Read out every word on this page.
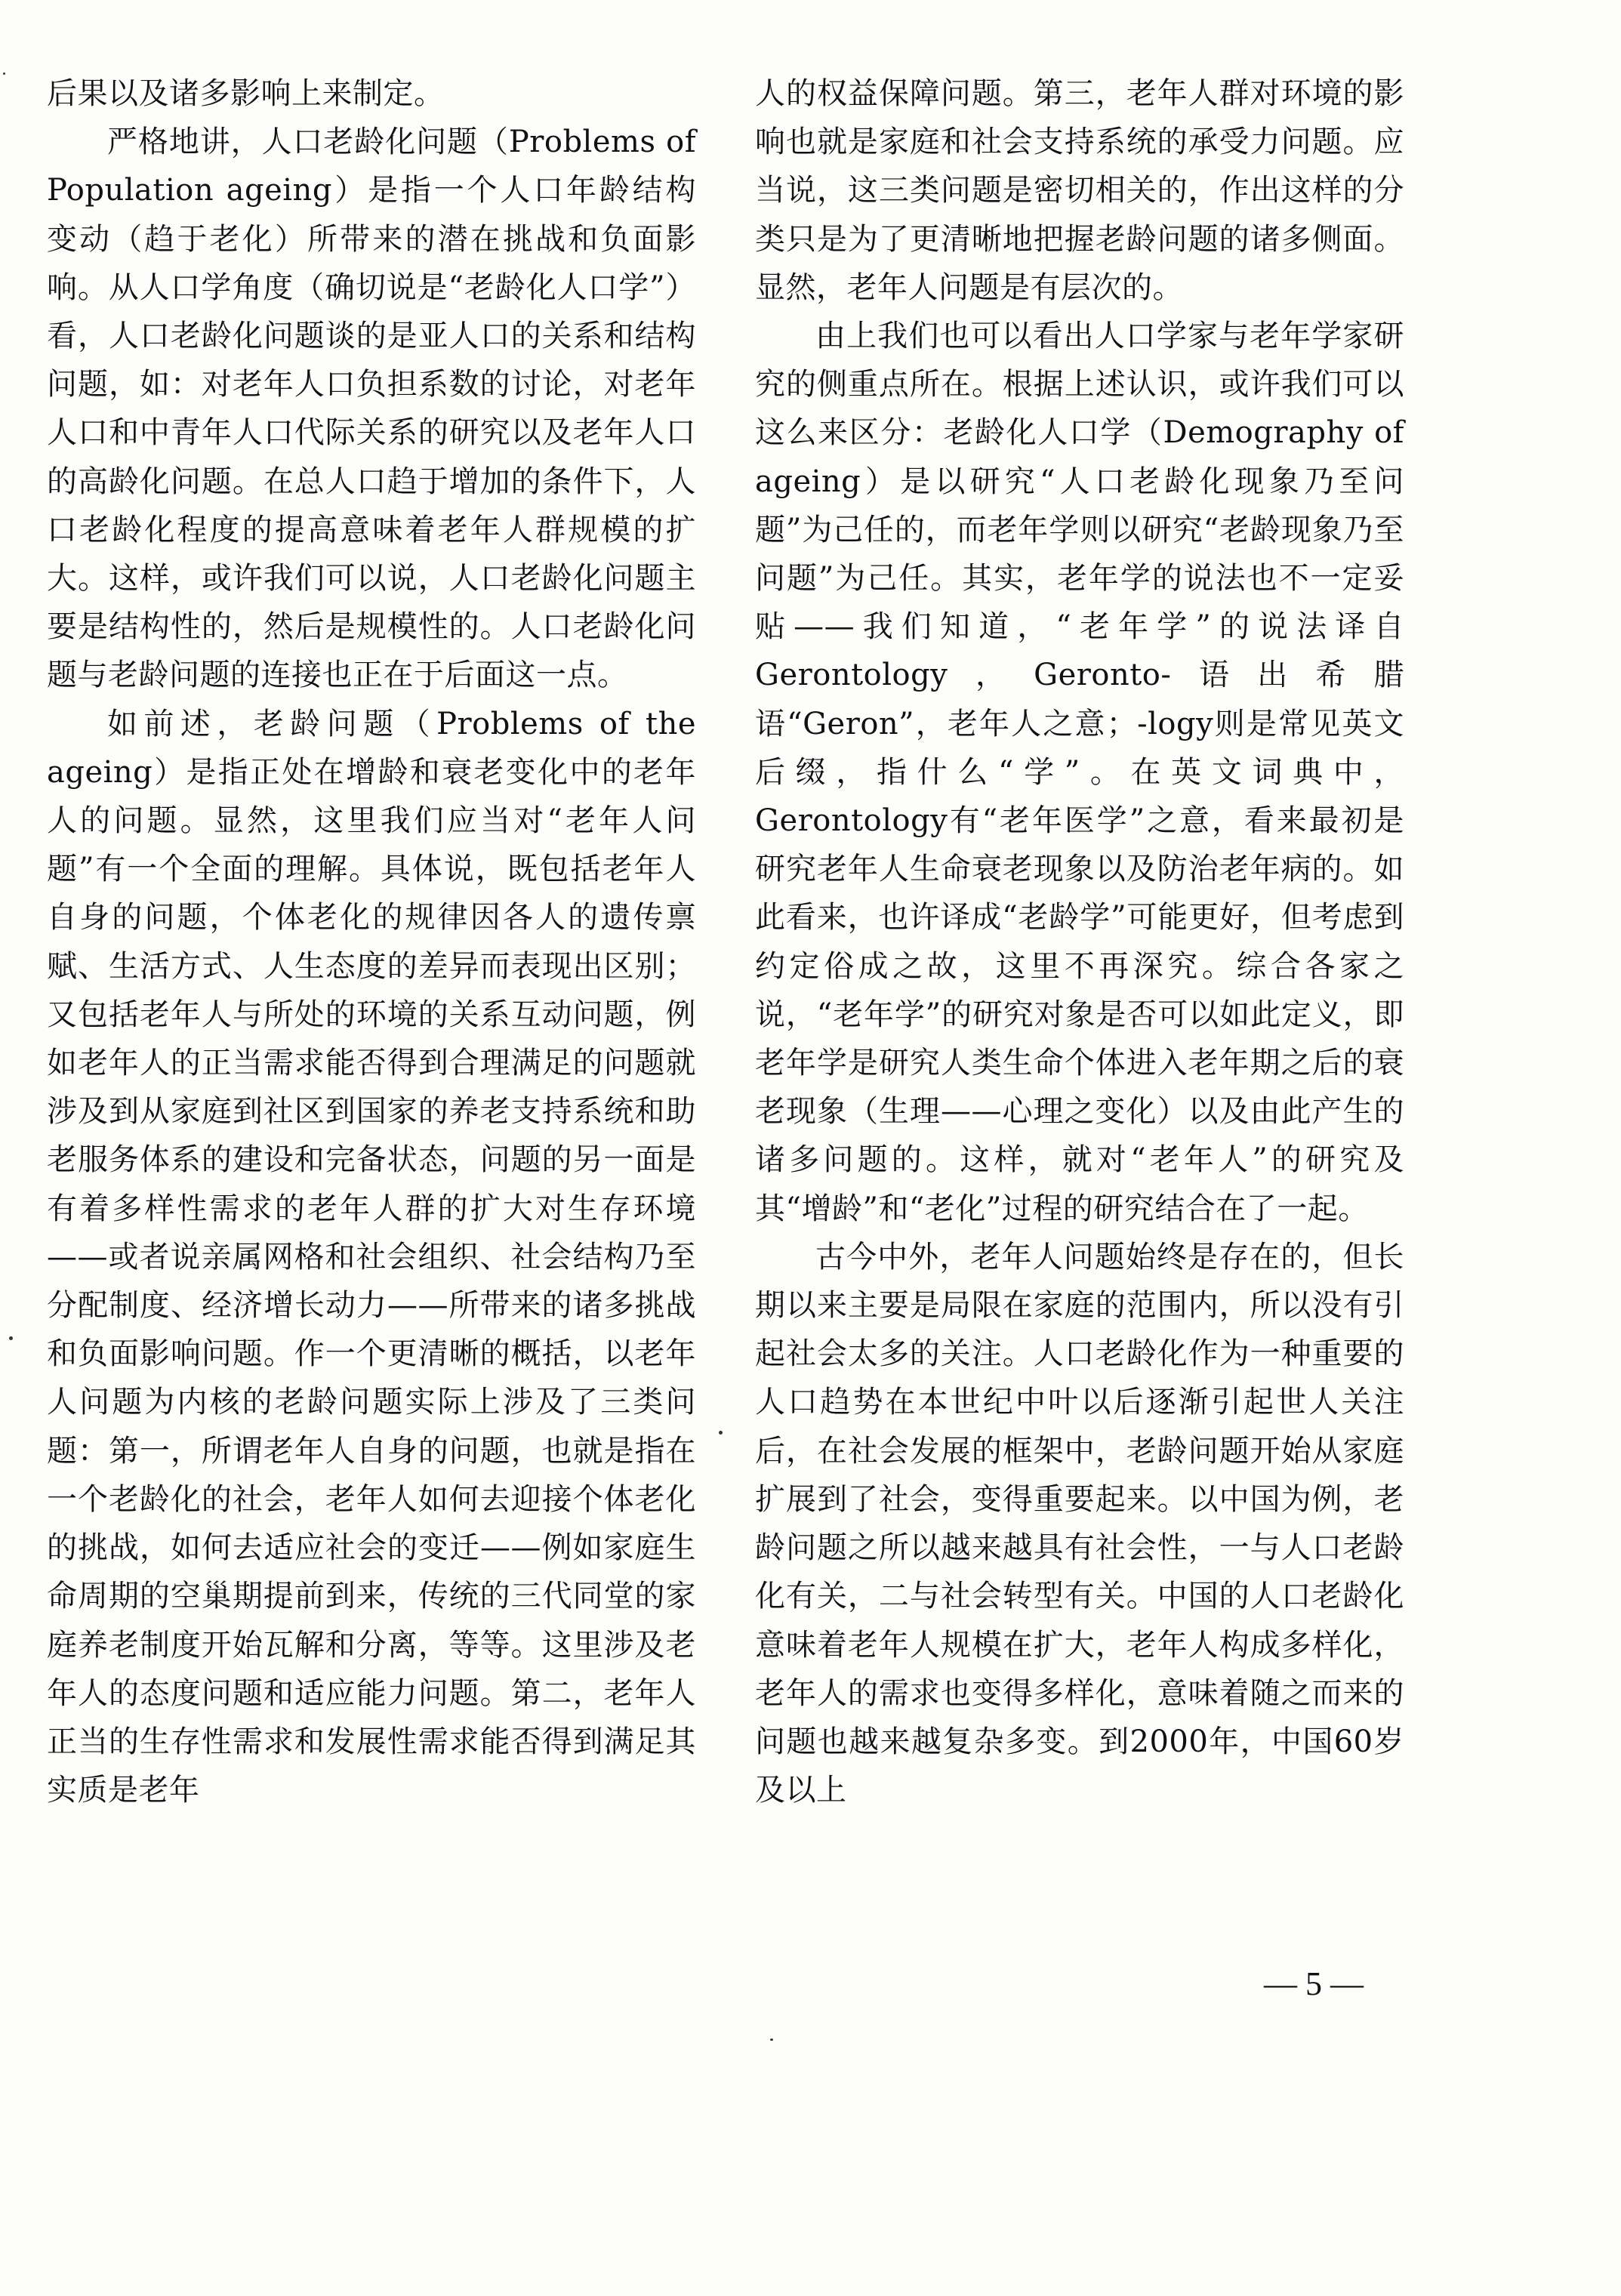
后果以及诸多影响上来制定。

严格地讲，人口老龄化问题（Problems of Population ageing）是指一个人口年龄结构变动（趋于老化）所带来的潜在挑战和负面影响。从人口学角度（确切说是“老龄化人口学”）看，人口老龄化问题谈的是亚人口的关系和结构问题，如：对老年人口负担系数的讨论，对老年人口和中青年人口代际关系的研究以及老年人口的高龄化问题。在总人口趋于增加的条件下，人口老龄化程度的提高意味着老年人群规模的扩大。这样，或许我们可以说，人口老龄化问题主要是结构性的，然后是规模性的。人口老龄化问题与老龄问题的连接也正在于后面这一点。

如前述，老龄问题（Problems of the ageing）是指正处在增龄和衰老变化中的老年人的问题。显然，这里我们应当对“老年人问题”有一个全面的理解。具体说，既包括老年人自身的问题，个体老化的规律因各人的遗传禀赋、生活方式、人生态度的差异而表现出区别；又包括老年人与所处的环境的关系互动问题，例如老年人的正当需求能否得到合理满足的问题就涉及到从家庭到社区到国家的养老支持系统和助老服务体系的建设和完备状态，问题的另一面是有着多样性需求的老年人群的扩大对生存环境——或者说亲属网格和社会组织、社会结构乃至分配制度、经济增长动力——所带来的诸多挑战和负面影响问题。作一个更清晰的概括，以老年人问题为内核的老龄问题实际上涉及了三类问题：第一，所谓老年人自身的问题，也就是指在一个老龄化的社会，老年人如何去迎接个体老化的挑战，如何去适应社会的变迁——例如家庭生命周期的空巢期提前到来，传统的三代同堂的家庭养老制度开始瓦解和分离，等等。这里涉及老年人的态度问题和适应能力问题。第二，老年人正当的生存性需求和发展性需求能否得到满足其实质是老年

人的权益保障问题。第三，老年人群对环境的影响也就是家庭和社会支持系统的承受力问题。应当说，这三类问题是密切相关的，作出这样的分类只是为了更清晰地把握老龄问题的诸多侧面。显然，老年人问题是有层次的。

由上我们也可以看出人口学家与老年学家研究的侧重点所在。根据上述认识，或许我们可以这么来区分：老龄化人口学（Demography of ageing）是以研究“人口老龄化现象乃至问题”为己任的，而老年学则以研究“老龄现象乃至问题”为己任。其实，老年学的说法也不一定妥贴——我们知道，“老年学”的说法译自Gerontology，Geronto-语出希腊语“Geron”，老年人之意；-logy则是常见英文后缀，指什么“学”。在英文词典中，Gerontology有“老年医学”之意，看来最初是研究老年人生命衰老现象以及防治老年病的。如此看来，也许译成“老龄学”可能更好，但考虑到约定俗成之故，这里不再深究。综合各家之说，“老年学”的研究对象是否可以如此定义，即老年学是研究人类生命个体进入老年期之后的衰老现象（生理——心理之变化）以及由此产生的诸多问题的。这样，就对“老年人”的研究及其“增龄”和“老化”过程的研究结合在了一起。

古今中外，老年人问题始终是存在的，但长期以来主要是局限在家庭的范围内，所以没有引起社会太多的关注。人口老龄化作为一种重要的人口趋势在本世纪中叶以后逐渐引起世人关注后，在社会发展的框架中，老龄问题开始从家庭扩展到了社会，变得重要起来。以中国为例，老龄问题之所以越来越具有社会性，一与人口老龄化有关，二与社会转型有关。中国的人口老龄化意味着老年人规模在扩大，老年人构成多样化，老年人的需求也变得多样化，意味着随之而来的问题也越来越复杂多变。到2000年，中国60岁及以上

— 5 —
